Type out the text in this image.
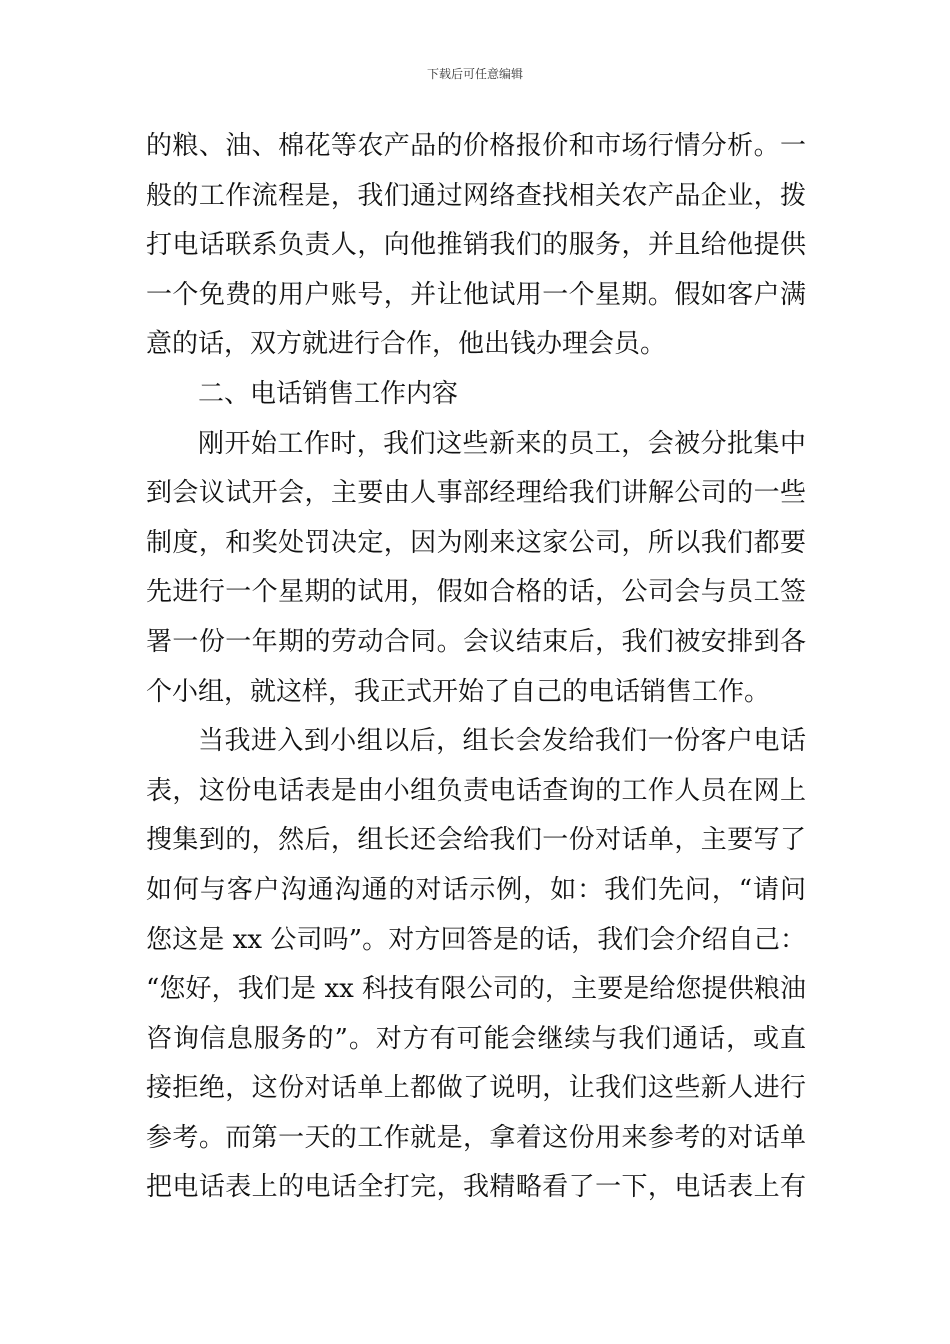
下载后可任意编辑
的粮、油、棉花等农产品的价格报价和市场行情分析。一
般的工作流程是，我们通过网络查找相关农产品企业，拨
打电话联系负责人，向他推销我们的服务，并且给他提供
一个免费的用户账号，并让他试用一个星期。假如客户满
意的话，双方就进行合作，他出钱办理会员。
二、电话销售工作内容
刚开始工作时，我们这些新来的员工，会被分批集中
到会议试开会，主要由人事部经理给我们讲解公司的一些
制度，和奖处罚决定，因为刚来这家公司，所以我们都要
先进行一个星期的试用，假如合格的话，公司会与员工签
署一份一年期的劳动合同。会议结束后，我们被安排到各
个小组，就这样，我正式开始了自己的电话销售工作。
当我进入到小组以后，组长会发给我们一份客户电话
表，这份电话表是由小组负责电话查询的工作人员在网上
搜集到的，然后，组长还会给我们一份对话单，主要写了
如何与客户沟通沟通的对话示例，如：我们先问，“请问
您这是 xx 公司吗”。对方回答是的话，我们会介绍自己：
“您好，我们是 xx 科技有限公司的，主要是给您提供粮油
咨询信息服务的”。对方有可能会继续与我们通话，或直
接拒绝，这份对话单上都做了说明，让我们这些新人进行
参考。而第一天的工作就是，拿着这份用来参考的对话单
把电话表上的电话全打完，我精略看了一下，电话表上有
